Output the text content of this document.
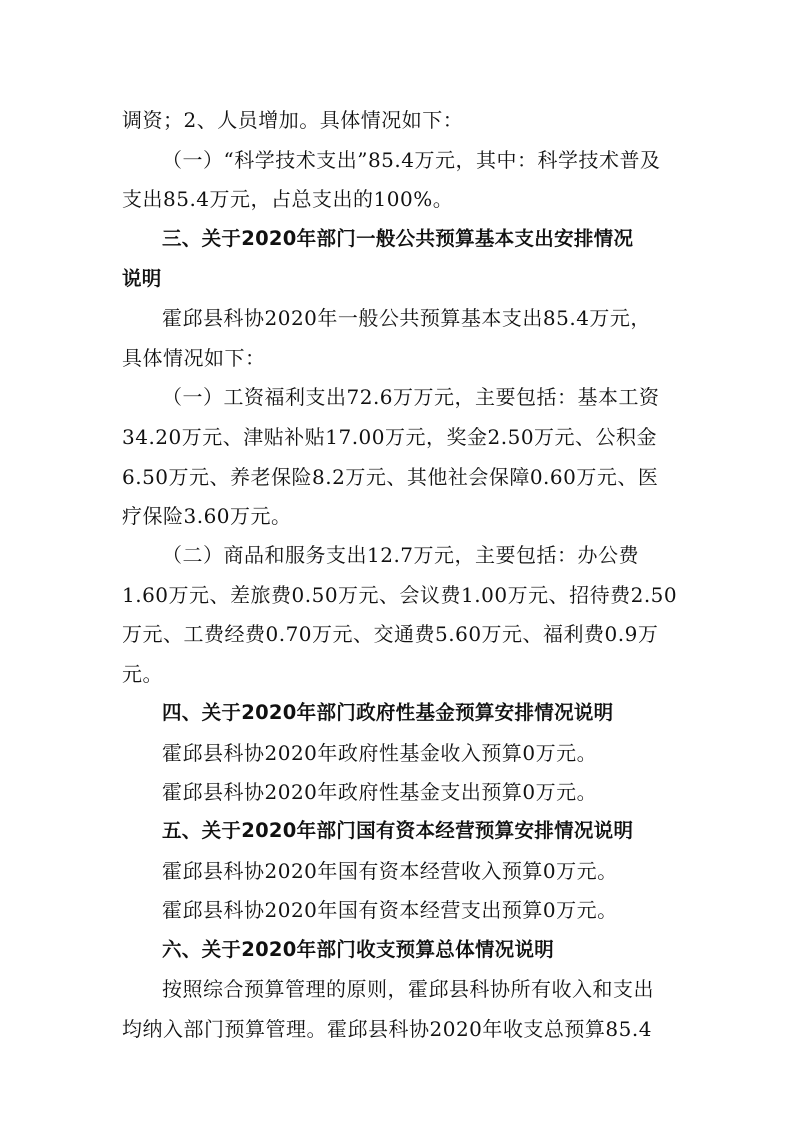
调资；2、人员增加。具体情况如下：
（一）“科学技术支出”85.4万元，其中：科学技术普及
支出85.4万元，占总支出的100%。
三、关于2020年部门一般公共预算基本支出安排情况
说明
霍邱县科协2020年一般公共预算基本支出85.4万元，
具体情况如下：
（一）工资福利支出72.6万万元，主要包括：基本工资
34.20万元、津贴补贴17.00万元，奖金2.50万元、公积金
6.50万元、养老保险8.2万元、其他社会保障0.60万元、医
疗保险3.60万元。
（二）商品和服务支出12.7万元，主要包括：办公费
1.60万元、差旅费0.50万元、会议费1.00万元、招待费2.50
万元、工费经费0.70万元、交通费5.60万元、福利费0.9万
元。
四、关于2020年部门政府性基金预算安排情况说明
霍邱县科协2020年政府性基金收入预算0万元。
霍邱县科协2020年政府性基金支出预算0万元。
五、关于2020年部门国有资本经营预算安排情况说明
霍邱县科协2020年国有资本经营收入预算0万元。
霍邱县科协2020年国有资本经营支出预算0万元。
六、关于2020年部门收支预算总体情况说明
按照综合预算管理的原则，霍邱县科协所有收入和支出
均纳入部门预算管理。霍邱县科协2020年收支总预算85.4
